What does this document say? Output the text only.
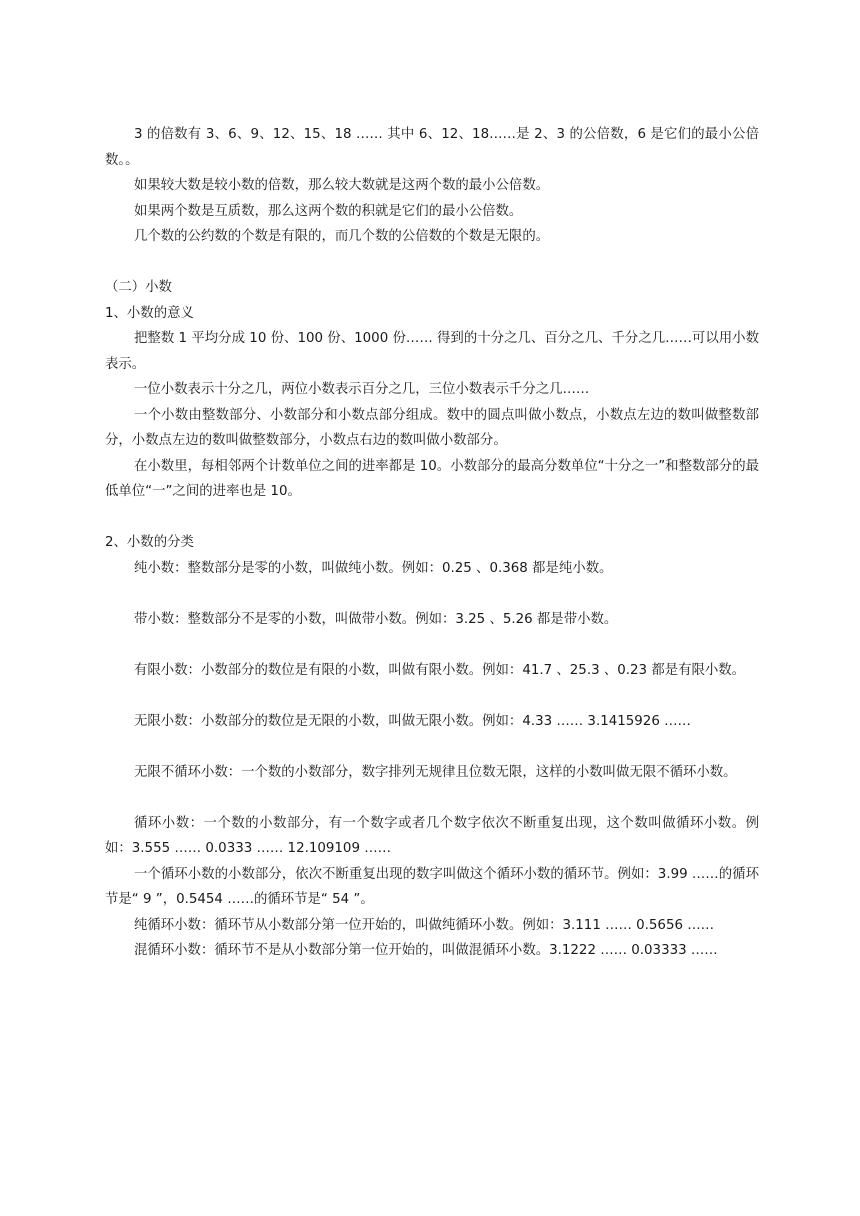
3 的倍数有 3、6、9、12、15、18 …… 其中 6、12、18……是 2、3 的公倍数，6 是它们的最小公倍数。。

如果较大数是较小数的倍数，那么较大数就是这两个数的最小公倍数。

如果两个数是互质数，那么这两个数的积就是它们的最小公倍数。

几个数的公约数的个数是有限的，而几个数的公倍数的个数是无限的。

（二）小数

1、小数的意义

把整数 1 平均分成 10 份、100 份、1000 份…… 得到的十分之几、百分之几、千分之几……可以用小数表示。

一位小数表示十分之几，两位小数表示百分之几，三位小数表示千分之几……

一个小数由整数部分、小数部分和小数点部分组成。数中的圆点叫做小数点，小数点左边的数叫做整数部分，小数点左边的数叫做整数部分，小数点右边的数叫做小数部分。

在小数里，每相邻两个计数单位之间的进率都是 10。小数部分的最高分数单位“十分之一”和整数部分的最低单位“一”之间的进率也是 10。

2、小数的分类

纯小数：整数部分是零的小数，叫做纯小数。例如：0.25 、0.368 都是纯小数。

带小数：整数部分不是零的小数，叫做带小数。例如：3.25 、5.26 都是带小数。

有限小数：小数部分的数位是有限的小数，叫做有限小数。例如：41.7 、25.3 、0.23 都是有限小数。

无限小数：小数部分的数位是无限的小数，叫做无限小数。例如：4.33 …… 3.1415926 ……

无限不循环小数：一个数的小数部分，数字排列无规律且位数无限，这样的小数叫做无限不循环小数。

循环小数：一个数的小数部分，有一个数字或者几个数字依次不断重复出现，这个数叫做循环小数。例如：3.555 …… 0.0333 …… 12.109109 ……

一个循环小数的小数部分，依次不断重复出现的数字叫做这个循环小数的循环节。例如：3.99 ……的循环节是“ 9 ”，0.5454 ……的循环节是“ 54 ”。

纯循环小数：循环节从小数部分第一位开始的，叫做纯循环小数。例如：3.111 …… 0.5656 ……

混循环小数：循环节不是从小数部分第一位开始的，叫做混循环小数。3.1222 …… 0.03333 ……
